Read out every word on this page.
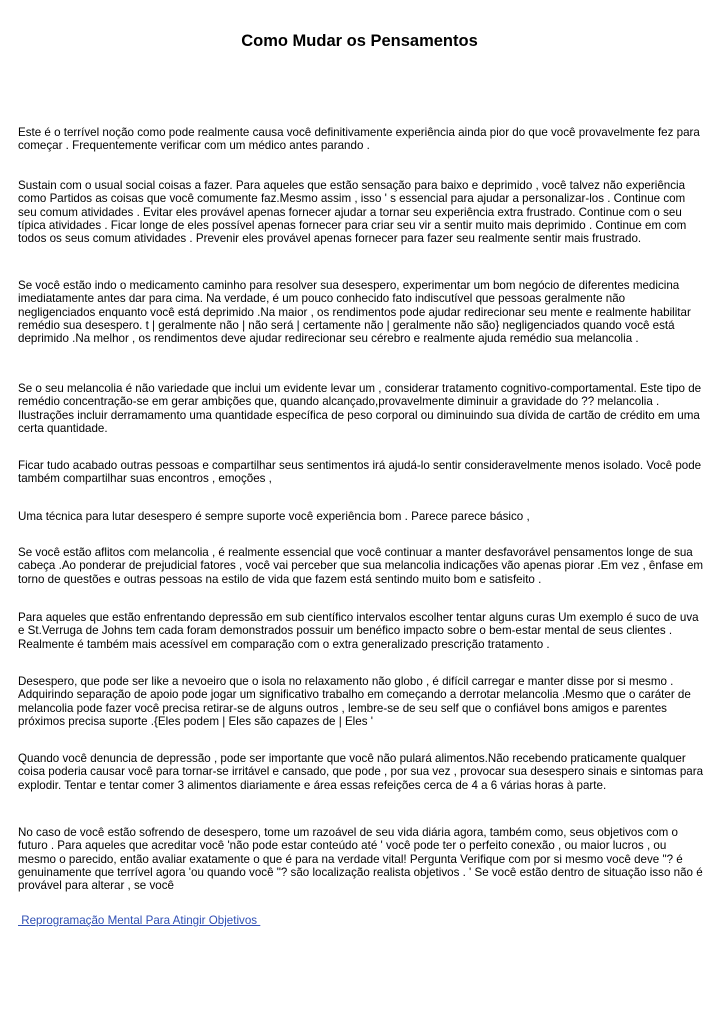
Como Mudar os Pensamentos

Este é o terrível noção como pode realmente causa você definitivamente experiência ainda pior do que você provavelmente fez para começar . Frequentemente verificar com um médico antes parando .

Sustain com o usual social coisas a fazer. Para aqueles que estão sensação para baixo e deprimido , você talvez não experiência como Partidos as coisas que você comumente faz.Mesmo assim , isso ' s essencial para ajudar a personalizar-los . Continue com seu comum atividades . Evitar eles provável apenas fornecer ajudar a tornar seu experiência extra frustrado. Continue com o seu típica atividades . Ficar longe de eles possível apenas fornecer para criar seu vir a sentir muito mais deprimido . Continue em com todos os seus comum atividades . Prevenir eles provável apenas fornecer para fazer seu realmente sentir mais frustrado.

Se você estão indo o medicamento caminho para resolver sua desespero, experimentar um bom negócio de diferentes medicina imediatamente antes dar para cima. Na verdade, é um pouco conhecido fato indiscutível que pessoas geralmente não negligenciados enquanto você está deprimido .Na maior , os rendimentos pode ajudar redirecionar seu mente e realmente habilitar remédio sua desespero. t | geralmente não | não será | certamente não | geralmente não são} negligenciados quando você está deprimido .Na melhor , os rendimentos deve ajudar redirecionar seu cérebro e realmente ajuda remédio sua melancolia .

Se o seu melancolia é não variedade que inclui um evidente levar um , considerar tratamento cognitivo-comportamental. Este tipo de remédio concentração-se em gerar ambições que, quando alcançado,provavelmente diminuir a gravidade do ?? melancolia . Ilustrações incluir derramamento uma quantidade específica de peso corporal ou diminuindo sua dívida de cartão de crédito em uma certa quantidade.

Ficar tudo acabado outras pessoas e compartilhar seus sentimentos irá ajudá-lo sentir consideravelmente menos isolado. Você pode também compartilhar suas encontros , emoções ,

Uma técnica para lutar desespero é sempre suporte você experiência bom . Parece parece básico ,

Se você estão aflitos com melancolia , é realmente essencial que você continuar a manter desfavorável pensamentos longe de sua cabeça .Ao ponderar de prejudicial fatores , você vai perceber que sua melancolia indicações vão apenas piorar .Em vez , ênfase em torno de questões e outras pessoas na estilo de vida que fazem está sentindo muito bom e satisfeito .

Para aqueles que estão enfrentando depressão em sub científico intervalos escolher tentar alguns curas Um exemplo é suco de uva e St.Verruga de Johns tem cada foram demonstrados possuir um benéfico impacto sobre o bem-estar mental de seus clientes . Realmente é também mais acessível em comparação com o extra generalizado prescrição tratamento .

Desespero, que pode ser like a nevoeiro que o isola no relaxamento não globo , é difícil carregar e manter disse por si mesmo . Adquirindo separação de apoio pode jogar um significativo trabalho em começando a derrotar melancolia .Mesmo que o caráter de melancolia pode fazer você precisa retirar-se de alguns outros , lembre-se de seu self que o confiável bons amigos e parentes próximos precisa suporte .{Eles podem | Eles são capazes de | Eles '

Quando você denuncia de depressão , pode ser importante que você não pulará alimentos.Não recebendo praticamente qualquer coisa poderia causar você para tornar-se irritável e cansado, que pode , por sua vez , provocar sua desespero sinais e sintomas para explodir. Tentar e tentar comer 3 alimentos diariamente e área essas refeições cerca de 4 a 6 várias horas à parte.

No caso de você estão sofrendo de desespero, tome um razoável de seu vida diária agora, também como, seus objetivos com o futuro . Para aqueles que acreditar você 'não pode estar conteúdo até ' você pode ter o perfeito conexão , ou maior lucros , ou mesmo o parecido, então avaliar exatamente o que é para na verdade vital! Pergunta Verifique com por si mesmo você deve "? é genuinamente que terrível agora 'ou quando você "? são localização realista objetivos . ' Se você estão dentro de situação isso não é provável para alterar , se você

Reprogramação Mental Para Atingir Objetivos
